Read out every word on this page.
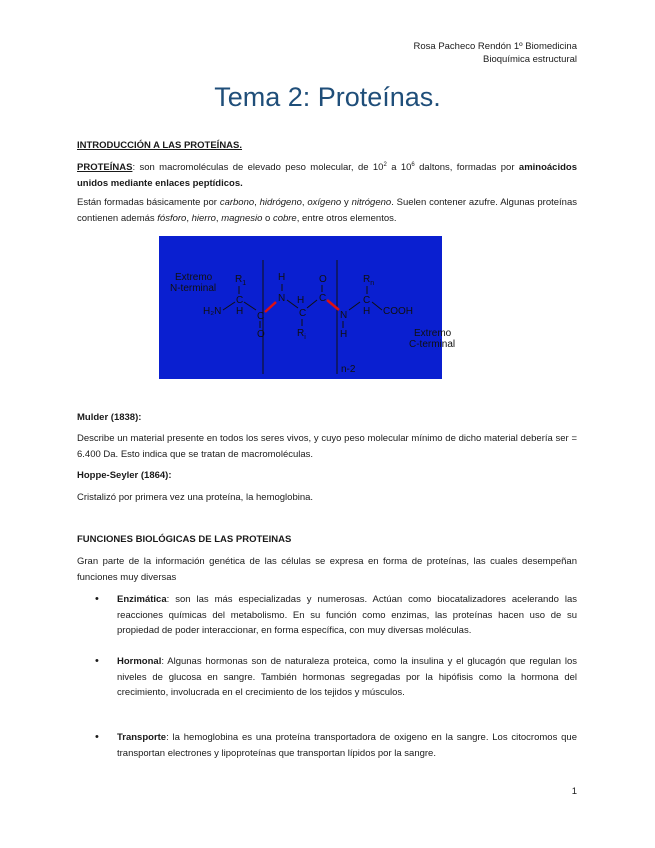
Rosa Pacheco Rendón 1º Biomedicina
Bioquímica estructural
Tema 2: Proteínas.

INTRODUCCIÓN A LAS PROTEÍNAS.

PROTEÍNAS: son macromoléculas de elevado peso molecular, de $10^2$ a $10^6$ daltons, formadas por aminoácidos unidos mediante enlaces peptídicos.

Están formadas básicamente por carbono, hidrógeno, oxígeno y nitrógeno. Suelen contener azufre. Algunas proteínas contienen además fósforo, hierro, magnesio o cobre, entre otros elementos.

n-2
Extremo
N-terminal
Extremo
C-terminal
$R_1$
C
H
H₂N	C
O
H
N H
C
$R_i$
O
C
N
H
$R_n$
C
H COOH

Mulder (1838):

Describe un material presente en todos los seres vivos, y cuyo peso molecular mínimo de dicho material debería ser = 6.400 Da. Esto indica que se tratan de macromoléculas.

Hoppe-Seyler (1864):

Cristalizó por primera vez una proteína, la hemoglobina.

FUNCIONES BIOLÓGICAS DE LAS PROTEINAS

Gran parte de la información genética de las células se expresa en forma de proteínas, las cuales desempeñan funciones muy diversas

• Enzimática: son las más especializadas y numerosas. Actúan como biocatalizadores acelerando las reacciones químicas del metabolismo. En su función como enzimas, las proteínas hacen uso de su propiedad de poder interaccionar, en forma específica, con muy diversas moléculas.

• Hormonal: Algunas hormonas son de naturaleza proteica, como la insulina y el glucagón que regulan los niveles de glucosa en sangre. También hormonas segregadas por la hipófisis como la hormona del crecimiento, involucrada en el crecimiento de los tejidos y músculos.

• Transporte: la hemoglobina es una proteína transportadora de oxigeno en la sangre. Los citocromos que transportan electrones y lipoproteínas que transportan lípidos por la sangre.

1
